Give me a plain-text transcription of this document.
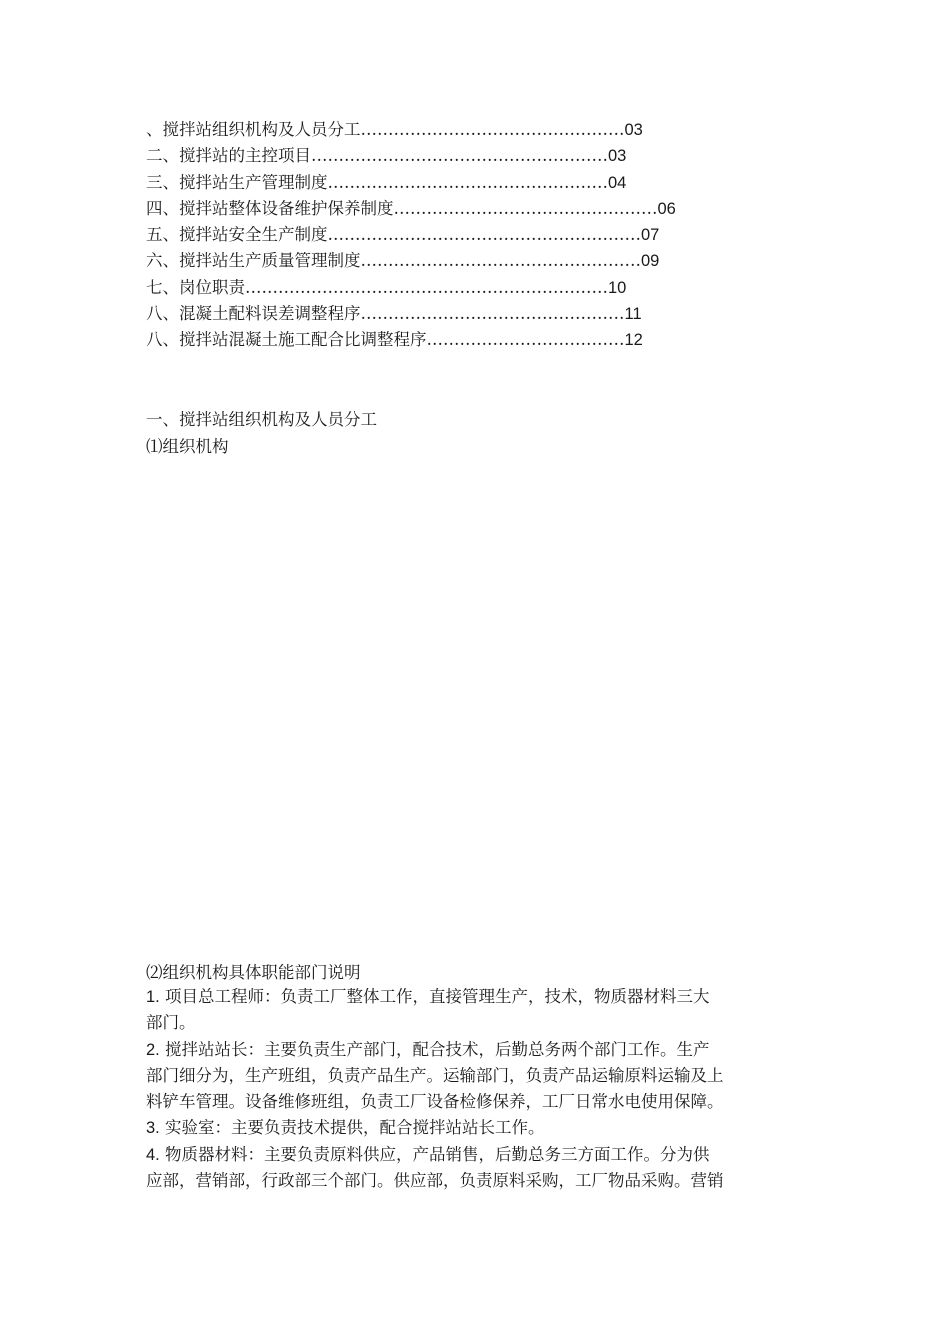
、搅拌站组织机构及人员分工…………………………………………03
二、搅拌站的主控项目………………………………………………03
三、搅拌站生产管理制度……………………………………………04
四、搅拌站整体设备维护保养制度…………………………………………06
五、搅拌站安全生产制度…………………………………………………07
六、搅拌站生产质量管理制度……………………………………………09
七、岗位职责…………………………………………………………10
八、混凝土配料误差调整程序…………………………………………11
八、搅拌站混凝土施工配合比调整程序………………………………12
一、搅拌站组织机构及人员分工
⑴组织机构
⑵组织机构具体职能部门说明
1. 项目总工程师：负责工厂整体工作，直接管理生产，技术，物质器材料三大
部门。
2. 搅拌站站长：主要负责生产部门，配合技术，后勤总务两个部门工作。生产
部门细分为，生产班组，负责产品生产。运输部门，负责产品运输原料运输及上
料铲车管理。设备维修班组，负责工厂设备检修保养，工厂日常水电使用保障。
3. 实验室：主要负责技术提供，配合搅拌站站长工作。
4. 物质器材料：主要负责原料供应，产品销售，后勤总务三方面工作。分为供
应部，营销部，行政部三个部门。供应部，负责原料采购，工厂物品采购。营销
